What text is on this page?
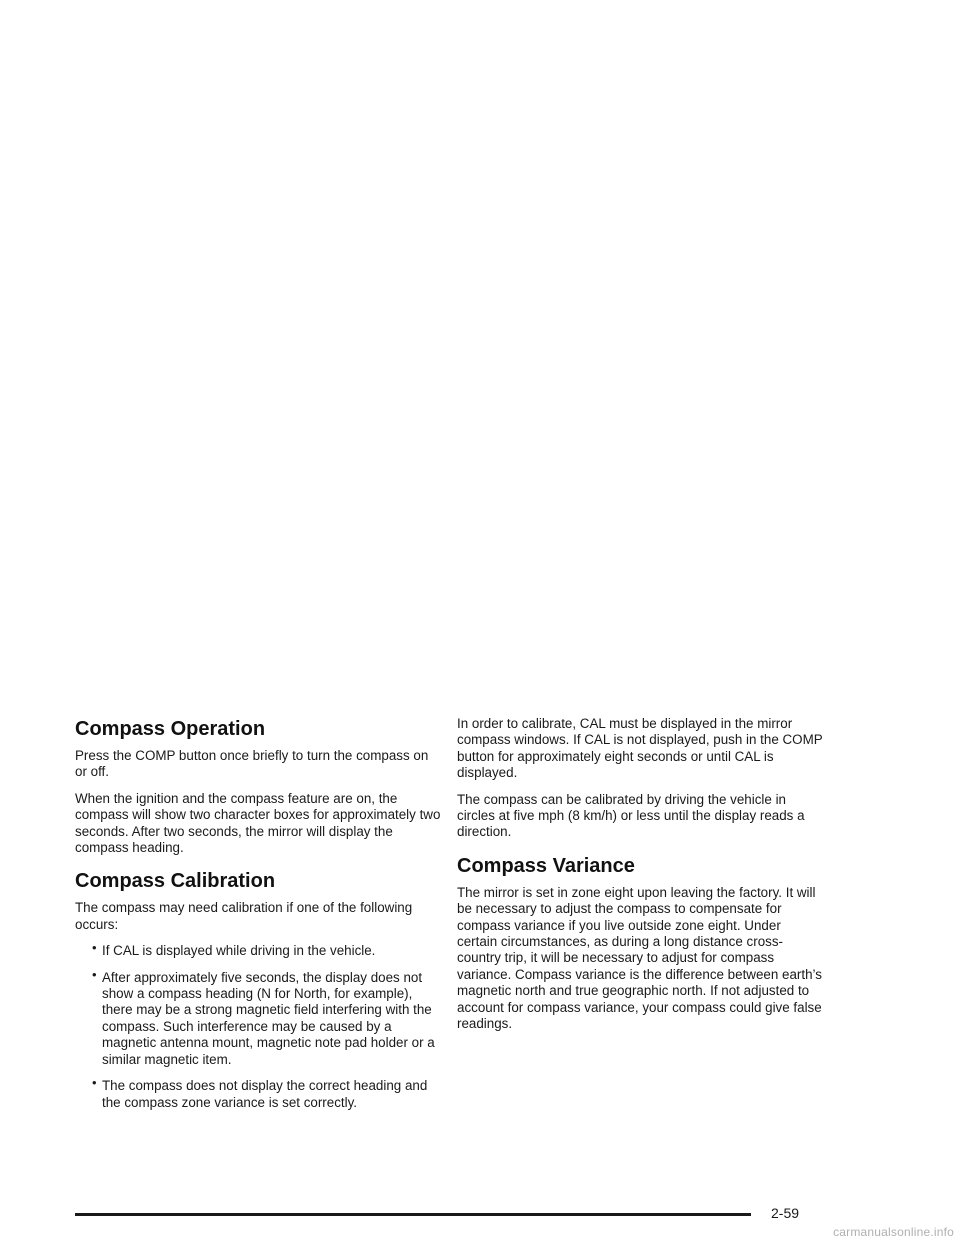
Compass Operation

Press the COMP button once briefly to turn the compass on or off.

When the ignition and the compass feature are on, the compass will show two character boxes for approximately two seconds. After two seconds, the mirror will display the compass heading.

Compass Calibration

The compass may need calibration if one of the following occurs:

• If CAL is displayed while driving in the vehicle.
• After approximately five seconds, the display does not show a compass heading (N for North, for example), there may be a strong magnetic field interfering with the compass. Such interference may be caused by a magnetic antenna mount, magnetic note pad holder or a similar magnetic item.
• The compass does not display the correct heading and the compass zone variance is set correctly.

In order to calibrate, CAL must be displayed in the mirror compass windows. If CAL is not displayed, push in the COMP button for approximately eight seconds or until CAL is displayed.

The compass can be calibrated by driving the vehicle in circles at five mph (8 km/h) or less until the display reads a direction.

Compass Variance

The mirror is set in zone eight upon leaving the factory. It will be necessary to adjust the compass to compensate for compass variance if you live outside zone eight. Under certain circumstances, as during a long distance cross-country trip, it will be necessary to adjust for compass variance. Compass variance is the difference between earth’s magnetic north and true geographic north. If not adjusted to account for compass variance, your compass could give false readings.

2-59
carmanualsonline.info
